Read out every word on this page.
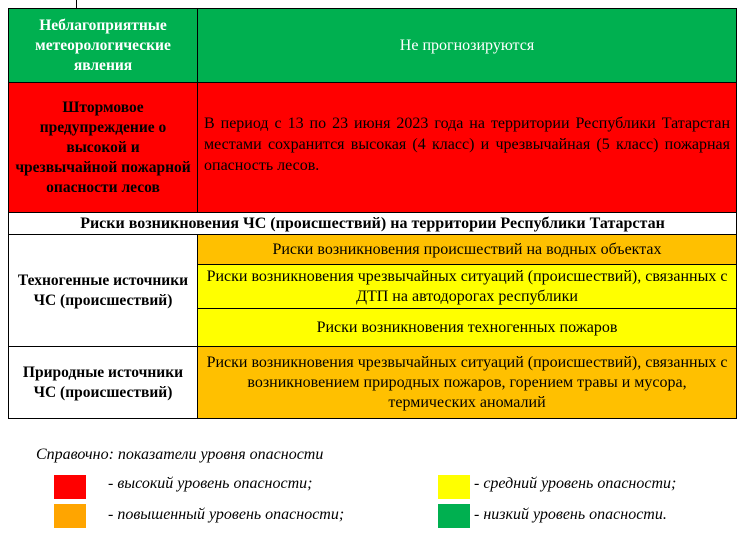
Неблагоприятные метеорологические явления	Не прогнозируются
Штормовое предупреждение о высокой и чрезвычайной пожарной опасности лесов	В период с 13 по 23 июня 2023 года на территории Республики Татарстан местами сохранится высокая (4 класс) и чрезвычайная (5 класс) пожарная опасность лесов.
Риски возникновения ЧС (происшествий) на территории Республики Татарстан	
Техногенные источники ЧС (происшествий)	Риски возникновения происшествий на водных объектах
	Риски возникновения чрезвычайных ситуаций (происшествий), связанных с ДТП на автодорогах республики
	Риски возникновения техногенных пожаров
Природные источники ЧС (происшествий)	Риски возникновения чрезвычайных ситуаций (происшествий), связанных с возникновением природных пожаров, горением травы и мусора, термических аномалий
Справочно: показатели уровня опасности
- высокий уровень опасности;	- средний уровень опасности;
- повышенный уровень опасности;	- низкий уровень опасности.
